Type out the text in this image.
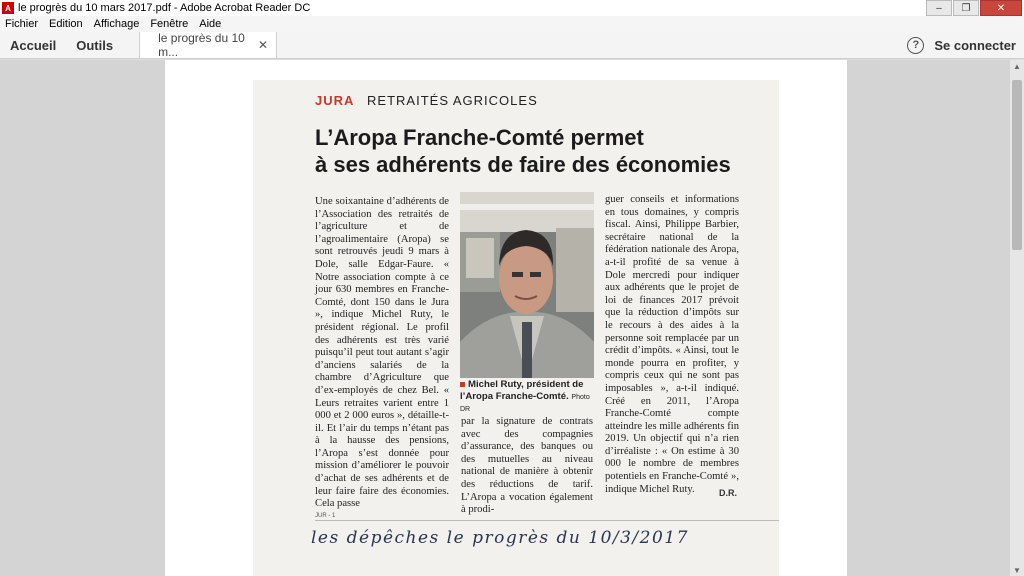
A le progrès du 10 mars 2017.pdf - Adobe Acrobat Reader DC	–	❐	✕
Fichier	Edition	Affichage	Fenêtre	Aide
Accueil	Outils	le progrès du 10 m...	✕	?	Se connecter
JURA RETRAITÉS AGRICOLES
L’Aropa Franche-Comté permet
à ses adhérents de faire des économies
Une soixantaine d’adhérents de l’Association des retraités de l’agriculture et de l’agroalimentaire (Aropa) se sont retrouvés jeudi 9 mars à Dole, salle Edgar-Faure. « Notre association compte à ce jour 630 membres en Franche-Comté, dont 150 dans le Jura », indique Michel Ruty, le président régional. Le profil des adhérents est très varié puisqu’il peut tout autant s’agir d’anciens salariés de la chambre d’Agriculture que d’ex-employés de chez Bel. « Leurs retraites varient entre 1 000 et 2 000 euros », détaille-t-il. Et l’air du temps n’étant pas à la hausse des pensions, l’Aropa s’est donnée pour mission d’améliorer le pouvoir d’achat de ses adhérents et de leur faire faire des économies. Cela passe
Michel Ruty, président de l’Aropa Franche-Comté. Photo DR
par la signature de contrats avec des compagnies d’assurance, des banques ou des mutuelles au niveau national de manière à obtenir des réductions de tarif. L’Aropa a vocation également à prodi-
guer conseils et informations en tous domaines, y compris fiscal. Ainsi, Philippe Barbier, secrétaire national de la fédération nationale des Aropa, a-t-il profité de sa venue à Dole mercredi pour indiquer aux adhérents que le projet de loi de finances 2017 prévoit que la réduction d’impôts sur le recours à des aides à la personne soit remplacée par un crédit d’impôts. « Ainsi, tout le monde pourra en profiter, y compris ceux qui ne sont pas imposables », a-t-il indiqué. Créé en 2011, l’Aropa Franche-Comté compte atteindre les mille adhérents fin 2019. Un objectif qui n’a rien d’irréaliste : « On estime à 30 000 le nombre de membres potentiels en Franche-Comté », indique Michel Ruty.	D.R.
JUR - 1
les dépêches le progrès du 10/3/2017
▲
▼
